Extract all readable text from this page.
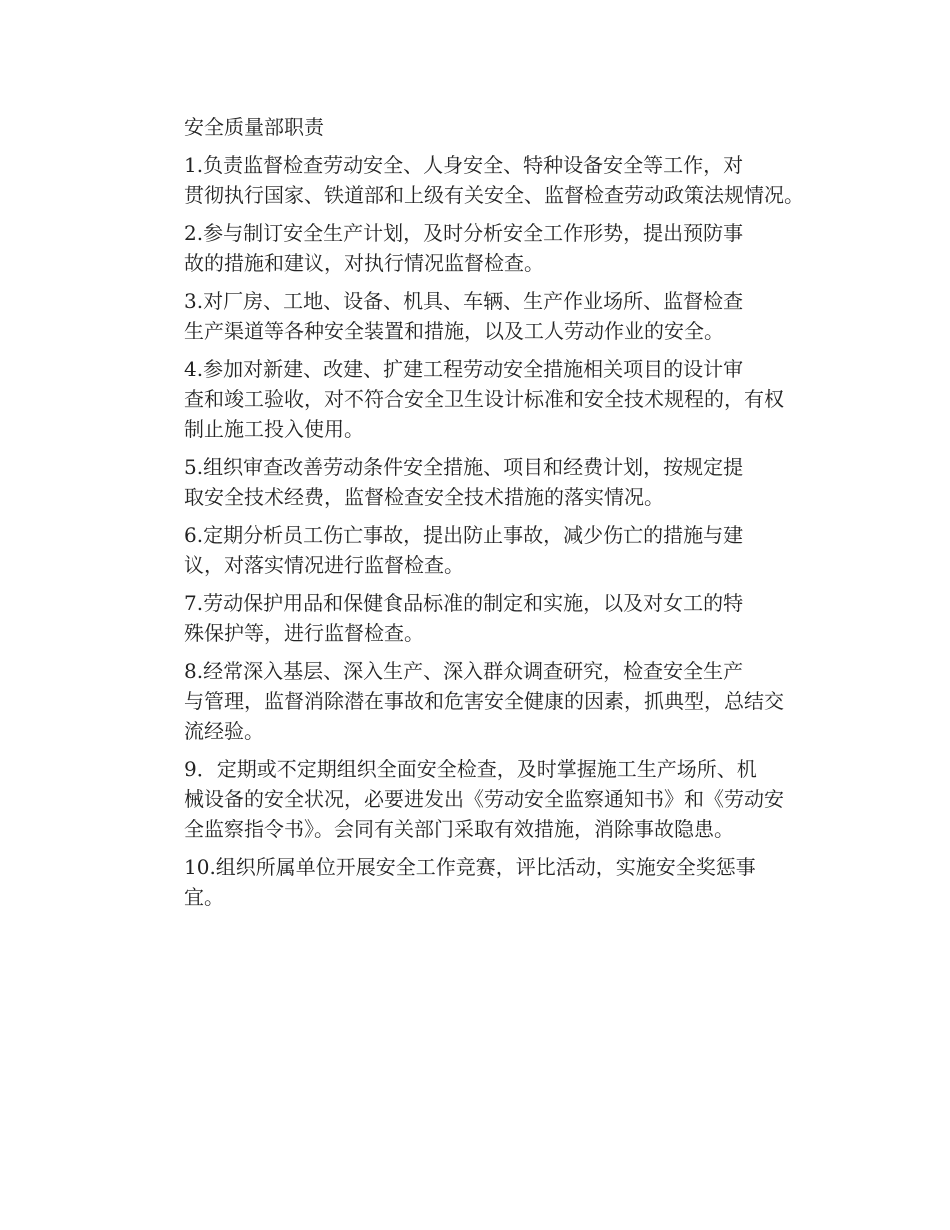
安全质量部职责

1.负责监督检查劳动安全、人身安全、特种设备安全等工作，对
贯彻执行国家、铁道部和上级有关安全、监督检查劳动政策法规情况。

2.参与制订安全生产计划，及时分析安全工作形势，提出预防事
故的措施和建议，对执行情况监督检查。

3.对厂房、工地、设备、机具、车辆、生产作业场所、监督检查
生产渠道等各种安全装置和措施，以及工人劳动作业的安全。

4.参加对新建、改建、扩建工程劳动安全措施相关项目的设计审
查和竣工验收，对不符合安全卫生设计标准和安全技术规程的，有权
制止施工投入使用。

5.组织审查改善劳动条件安全措施、项目和经费计划，按规定提
取安全技术经费，监督检查安全技术措施的落实情况。

6.定期分析员工伤亡事故，提出防止事故，减少伤亡的措施与建
议，对落实情况进行监督检查。

7.劳动保护用品和保健食品标准的制定和实施，以及对女工的特
殊保护等，进行监督检查。

8.经常深入基层、深入生产、深入群众调查研究，检查安全生产
与管理，监督消除潜在事故和危害安全健康的因素，抓典型，总结交
流经验。

9．定期或不定期组织全面安全检查，及时掌握施工生产场所、机
械设备的安全状况，必要进发出《劳动安全监察通知书》和《劳动安
全监察指令书》。会同有关部门采取有效措施，消除事故隐患。

10.组织所属单位开展安全工作竞赛，评比活动，实施安全奖惩事
宜。
